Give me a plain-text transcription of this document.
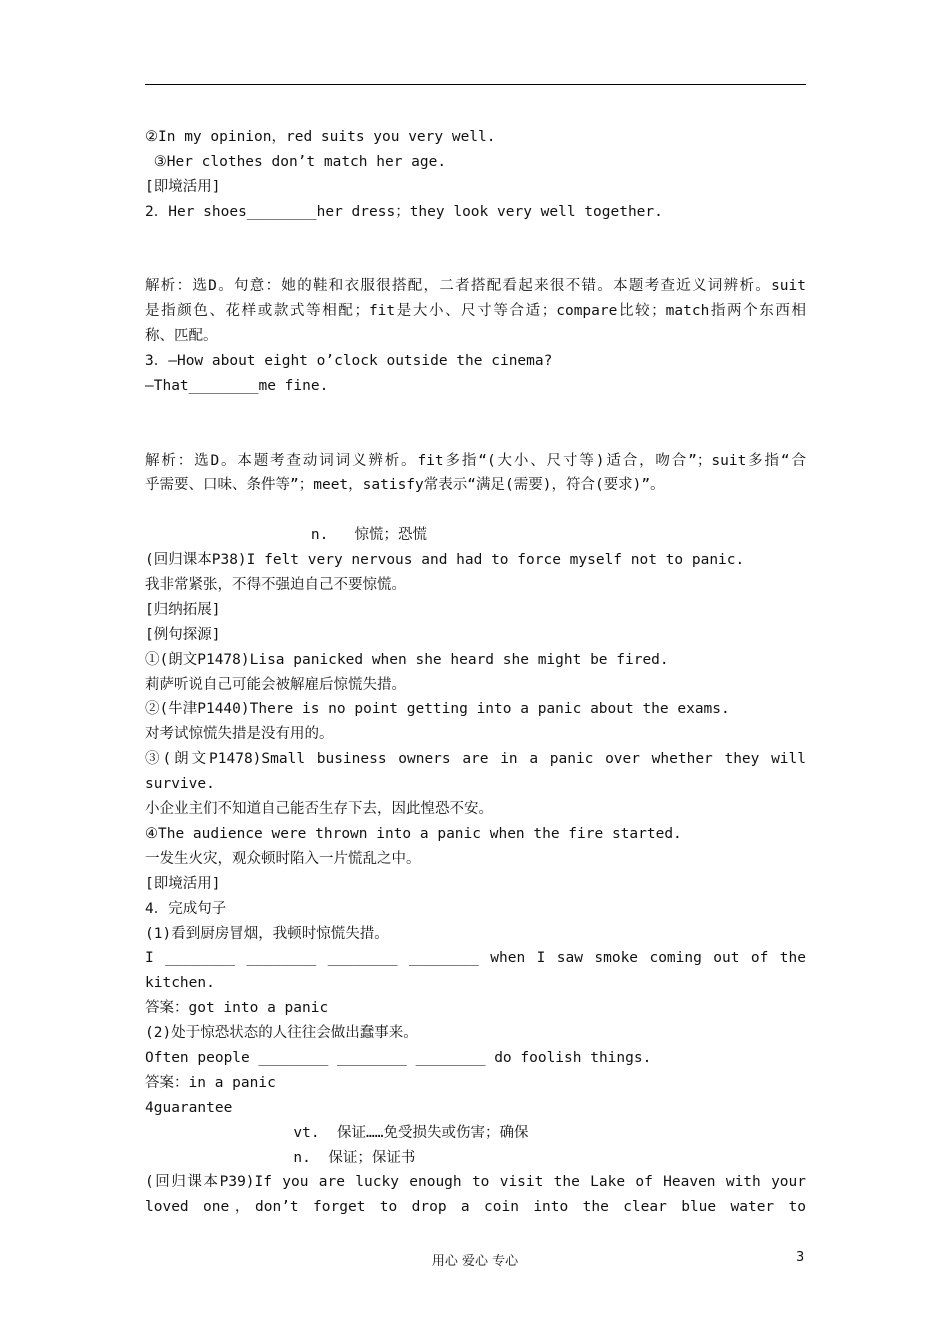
②In my opinion，red suits you very well.
③Her clothes don’t match her age.
[即境活用]
2．Her shoes________her dress；they look very well together.

解析：选D。句意：她的鞋和衣服很搭配，二者搭配看起来很不错。本题考查近义词辨析。suit
是指颜色、花样或款式等相配；fit是大小、尺寸等合适；compare比较；match指两个东西相
称、匹配。
3．—How about eight o’clock outside the cinema?
—That________me fine.

解析：选D。本题考查动词词义辨析。fit多指“(大小、尺寸等)适合，吻合”；suit多指“合
乎需要、口味、条件等”；meet，satisfy常表示“满足(需要)，符合(要求)”。

n.   惊慌；恐慌
(回归课本P38)I felt very nervous and had to force myself not to panic.
我非常紧张，不得不强迫自己不要惊慌。
[归纳拓展]
[例句探源]
①(朗文P1478)Lisa panicked when she heard she might be fired.
莉萨听说自己可能会被解雇后惊慌失措。
②(牛津P1440)There is no point getting into a panic about the exams.
对考试惊慌失措是没有用的。
③(朗文P1478)Small business owners are in a panic over whether they will
survive.
小企业主们不知道自己能否生存下去，因此惶恐不安。
④The audience were thrown into a panic when the fire started.
一发生火灾，观众顿时陷入一片慌乱之中。
[即境活用]
4．完成句子
(1)看到厨房冒烟，我顿时惊慌失措。
I ________ ________ ________ ________ when I saw smoke coming out of the
kitchen.
答案：got into a panic
(2)处于惊恐状态的人往往会做出蠢事来。
Often people ________ ________ ________ do foolish things.
答案：in a panic
4guarantee
vt.  保证……免受损失或伤害；确保
n.  保证；保证书
(回归课本P39)If you are lucky enough to visit the Lake of Heaven with your
loved one，don’t forget to drop a coin into the clear blue water to
用心 爱心 专心	3
